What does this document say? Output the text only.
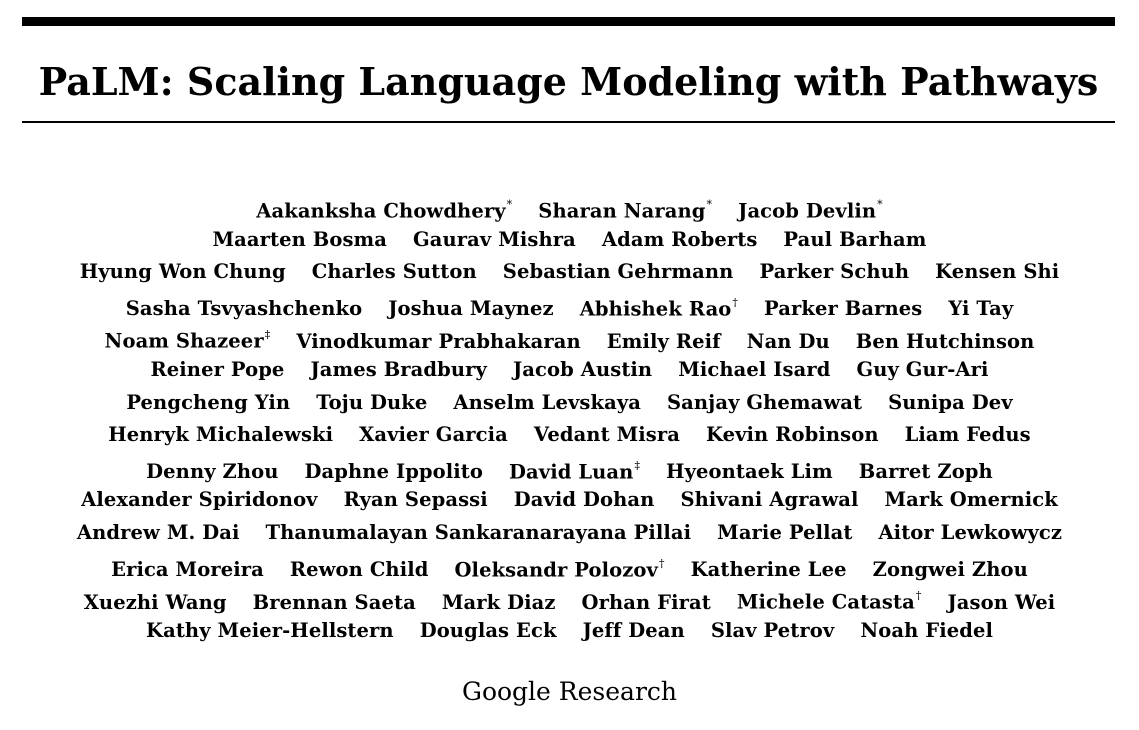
PaLM: Scaling Language Modeling with Pathways
Aakanksha Chowdhery* Sharan Narang* Jacob Devlin*
Maarten Bosma Gaurav Mishra Adam Roberts Paul Barham
Hyung Won Chung Charles Sutton Sebastian Gehrmann Parker Schuh Kensen Shi
Sasha Tsvyashchenko Joshua Maynez Abhishek Rao† Parker Barnes Yi Tay
Noam Shazeer‡ Vinodkumar Prabhakaran Emily Reif Nan Du Ben Hutchinson
Reiner Pope James Bradbury Jacob Austin Michael Isard Guy Gur-Ari
Pengcheng Yin Toju Duke Anselm Levskaya Sanjay Ghemawat Sunipa Dev
Henryk Michalewski Xavier Garcia Vedant Misra Kevin Robinson Liam Fedus
Denny Zhou Daphne Ippolito David Luan‡ Hyeontaek Lim Barret Zoph
Alexander Spiridonov Ryan Sepassi David Dohan Shivani Agrawal Mark Omernick
Andrew M. Dai Thanumalayan Sankaranarayana Pillai Marie Pellat Aitor Lewkowycz
Erica Moreira Rewon Child Oleksandr Polozov† Katherine Lee Zongwei Zhou
Xuezhi Wang Brennan Saeta Mark Diaz Orhan Firat Michele Catasta† Jason Wei
Kathy Meier-Hellstern Douglas Eck Jeff Dean Slav Petrov Noah Fiedel
Google Research
